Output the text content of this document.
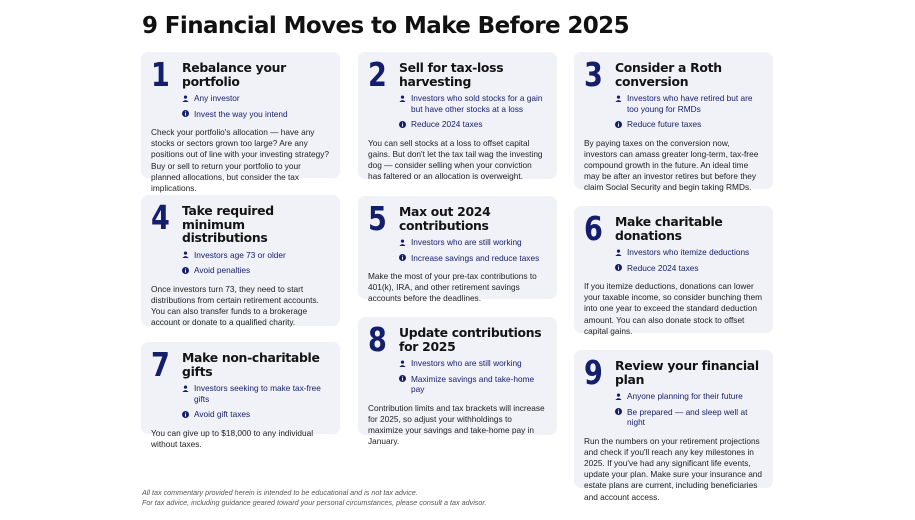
9 Financial Moves to Make Before 2025
1 Rebalance your portfolio
Any investor
Invest the way you intend
Check your portfolio's allocation — have any stocks or sectors grown too large? Are any positions out of line with your investing strategy? Buy or sell to return your portfolio to your planned allocations, but consider the tax implications.
2 Sell for tax-loss harvesting
Investors who sold stocks for a gain but have other stocks at a loss
Reduce 2024 taxes
You can sell stocks at a loss to offset capital gains. But don't let the tax tail wag the investing dog — consider selling when your conviction has faltered or an allocation is overweight.
3 Consider a Roth conversion
Investors who have retired but are too young for RMDs
Reduce future taxes
By paying taxes on the conversion now, investors can amass greater long-term, tax-free compound growth in the future. An ideal time may be after an investor retires but before they claim Social Security and begin taking RMDs.
4 Take required minimum distributions
Investors age 73 or older
Avoid penalties
Once investors turn 73, they need to start distributions from certain retirement accounts. You can also transfer funds to a brokerage account or donate to a qualified charity.
5 Max out 2024 contributions
Investors who are still working
Increase savings and reduce taxes
Make the most of your pre-tax contributions to 401(k), IRA, and other retirement savings accounts before the deadlines.
6 Make charitable donations
Investors who itemize deductions
Reduce 2024 taxes
If you itemize deductions, donations can lower your taxable income, so consider bunching them into one year to exceed the standard deduction amount. You can also donate stock to offset capital gains.
7 Make non-charitable gifts
Investors seeking to make tax-free gifts
Avoid gift taxes
You can give up to $18,000 to any individual without taxes.
8 Update contributions for 2025
Investors who are still working
Maximize savings and take-home pay
Contribution limits and tax brackets will increase for 2025, so adjust your withholdings to maximize your savings and take-home pay in January.
9 Review your financial plan
Anyone planning for their future
Be prepared — and sleep well at night
Run the numbers on your retirement projections and check if you'll reach any key milestones in 2025. If you've had any significant life events, update your plan. Make sure your insurance and estate plans are current, including beneficiaries and account access.
All tax commentary provided herein is intended to be educational and is not tax advice.
For tax advice, including guidance geared toward your personal circumstances, please consult a tax advisor.
